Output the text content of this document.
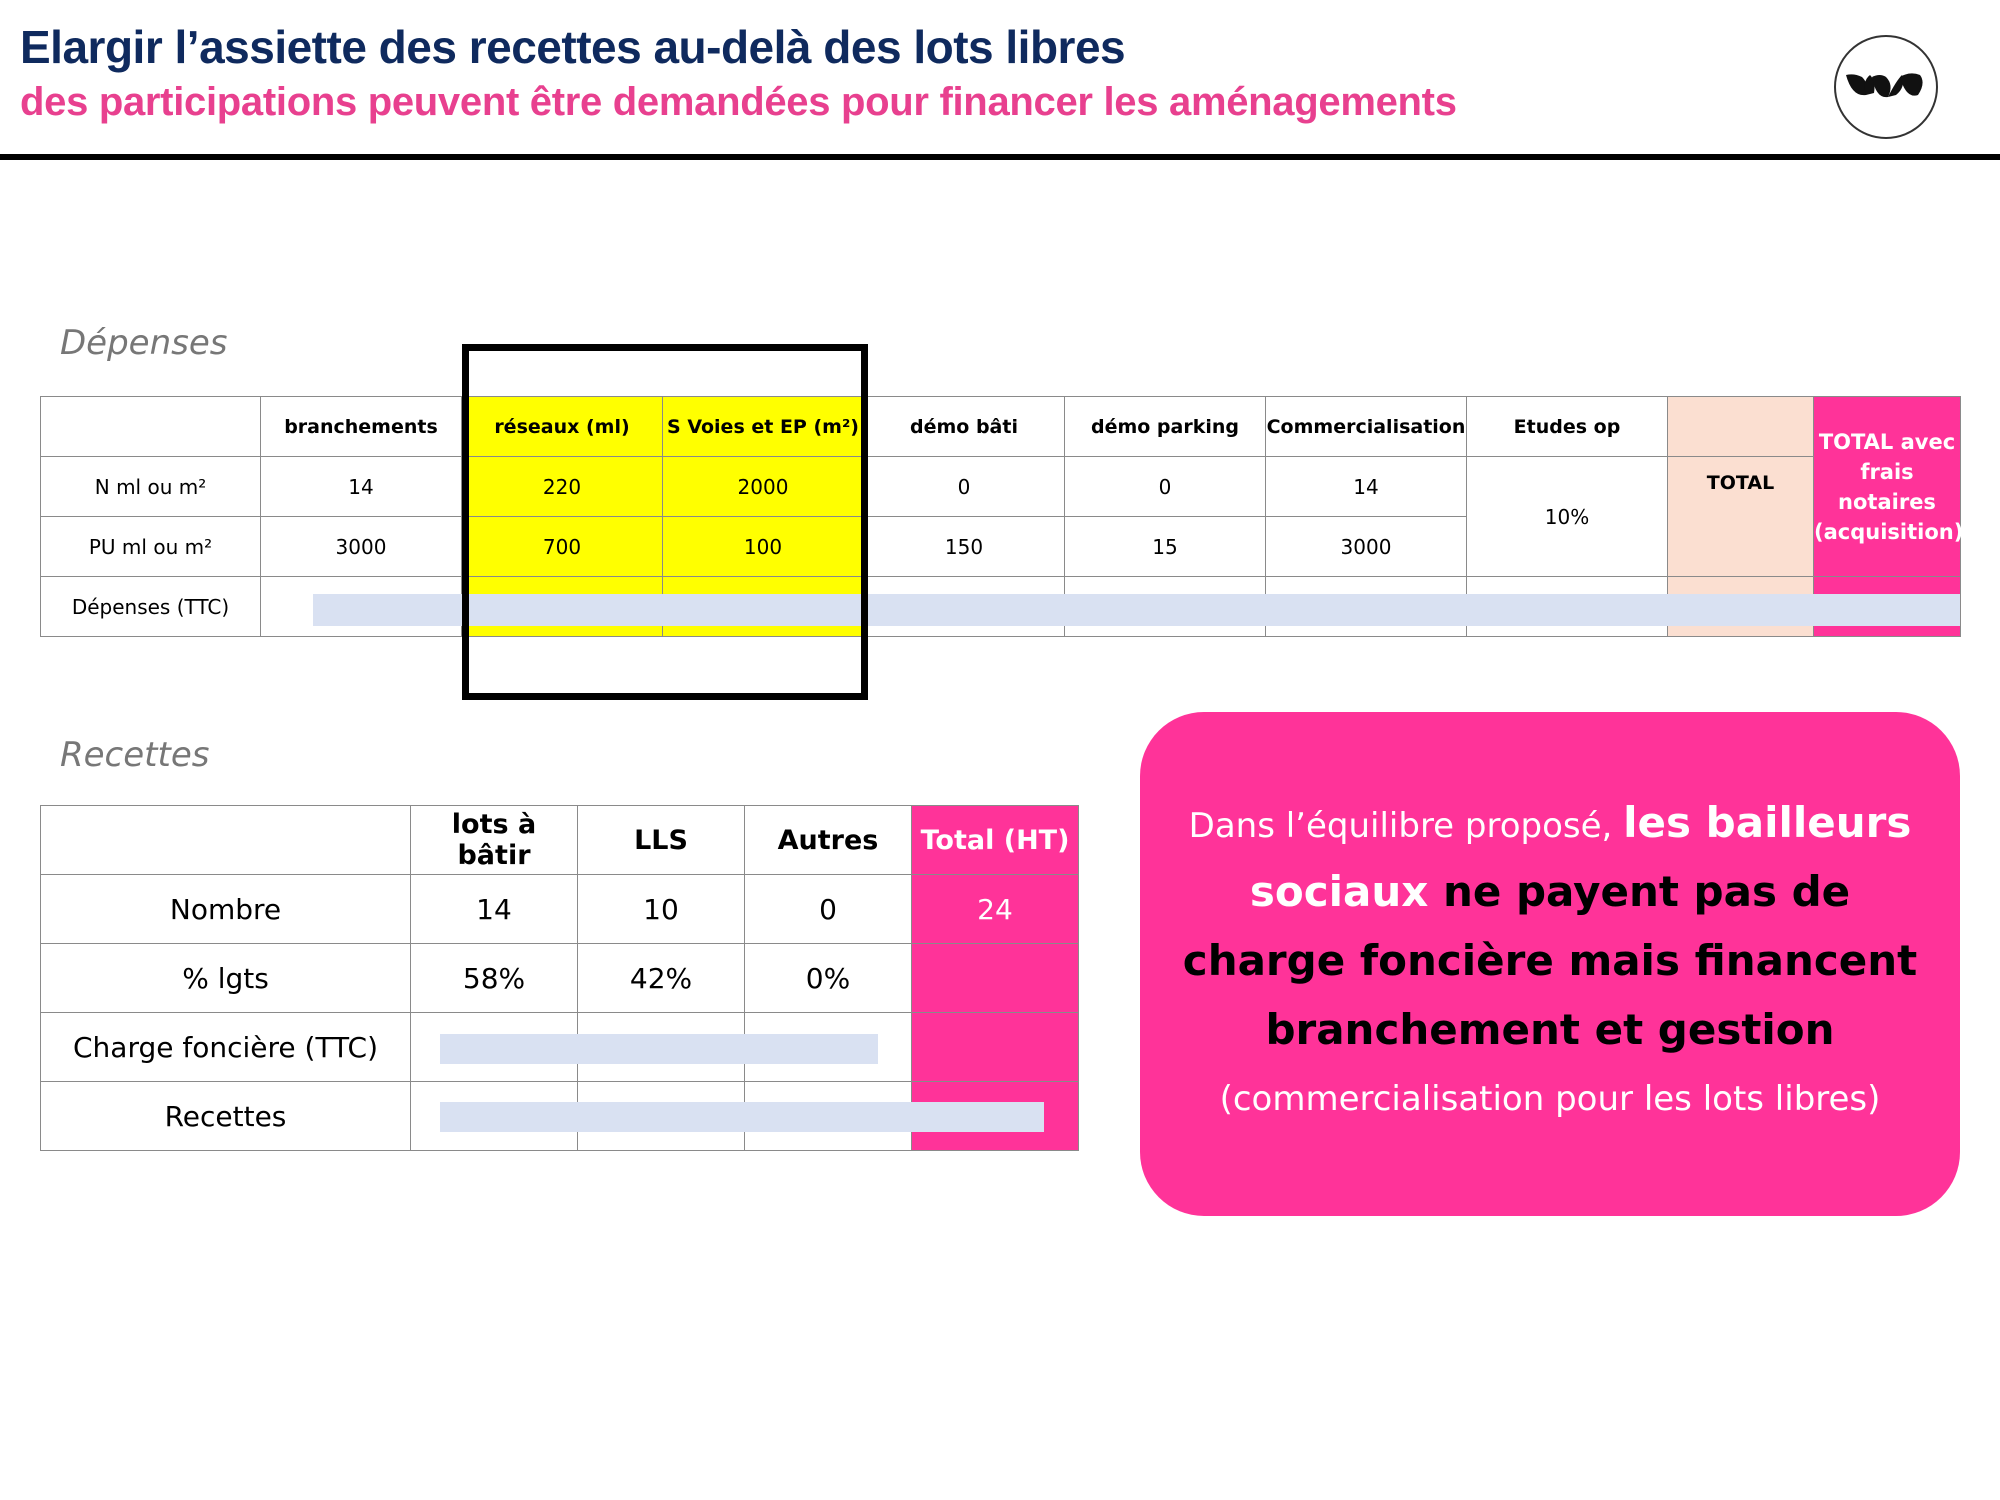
Elargir l’assiette des recettes au-delà des lots libres
des participations peuvent être demandées pour financer les aménagements
Dépenses
	branchements	réseaux (ml)	S Voies et EP (m²)	démo bâti	démo parking	Commercialisation	Etudes op		TOTAL avec frais notaires (acquisition)
N ml ou m²	14	220	2000	0	0	14	10%	TOTAL	
PU ml ou m²	3000	700	100	150	15	3000			
Dépenses (TTC)									
Recettes
	lots à bâtir	LLS	Autres	Total (HT)
Nombre	14	10	0	24
% lgts	58%	42%	0%	
Charge foncière (TTC)				
Recettes				

Dans l’équilibre proposé, les bailleurs sociaux ne payent pas de charge foncière mais financent branchement et gestion
(commercialisation pour les lots libres)
